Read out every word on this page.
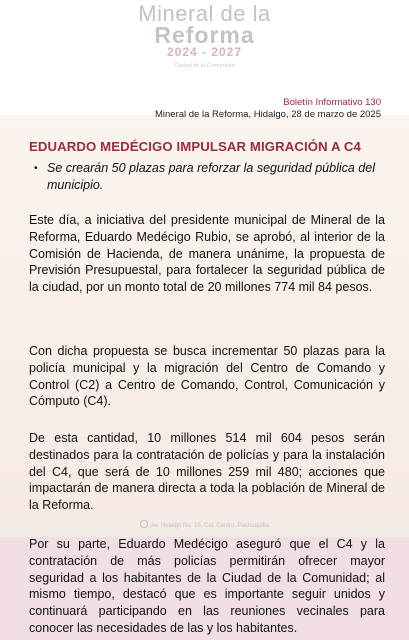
Mineral de la
Reforma
2024 - 2027
Ciudad de la Comunidad
Boletín Informativo 130
Mineral de la Reforma, Hidalgo, 28 de marzo de 2025
EDUARDO MEDÉCIGO IMPULSAR MIGRACIÓN A C4
• Se crearán 50 plazas para reforzar la seguridad pública del municipio.
Este día, a iniciativa del presidente municipal de Mineral de la Reforma, Eduardo Medécigo Rubio, se aprobó, al interior de la Comisión de Hacienda, de manera unánime, la propuesta de Previsión Presupuestal, para fortalecer la seguridad pública de la ciudad, por un monto total de 20 millones 774 mil 84 pesos.
Con dicha propuesta se busca incrementar 50 plazas para la policía municipal y la migración del Centro de Comando y Control (C2) a Centro de Comando, Control, Comunicación y Cómputo (C4).
De esta cantidad, 10 millones 514 mil 604 pesos serán destinados para la contratación de policías y para la instalación del C4, que será de 10 millones 259 mil 480; acciones que impactarán de manera directa a toda la población de Mineral de la Reforma.
Av. Hidalgo No. 15, Col. Centro, Pachuquilla
Por su parte, Eduardo Medécigo aseguró que el C4 y la contratación de más policías permitirán ofrecer mayor seguridad a los habitantes de la Ciudad de la Comunidad; al mismo tiempo, destacó que es importante seguir unidos y continuará participando en las reuniones vecinales para conocer las necesidades de las y los habitantes.
